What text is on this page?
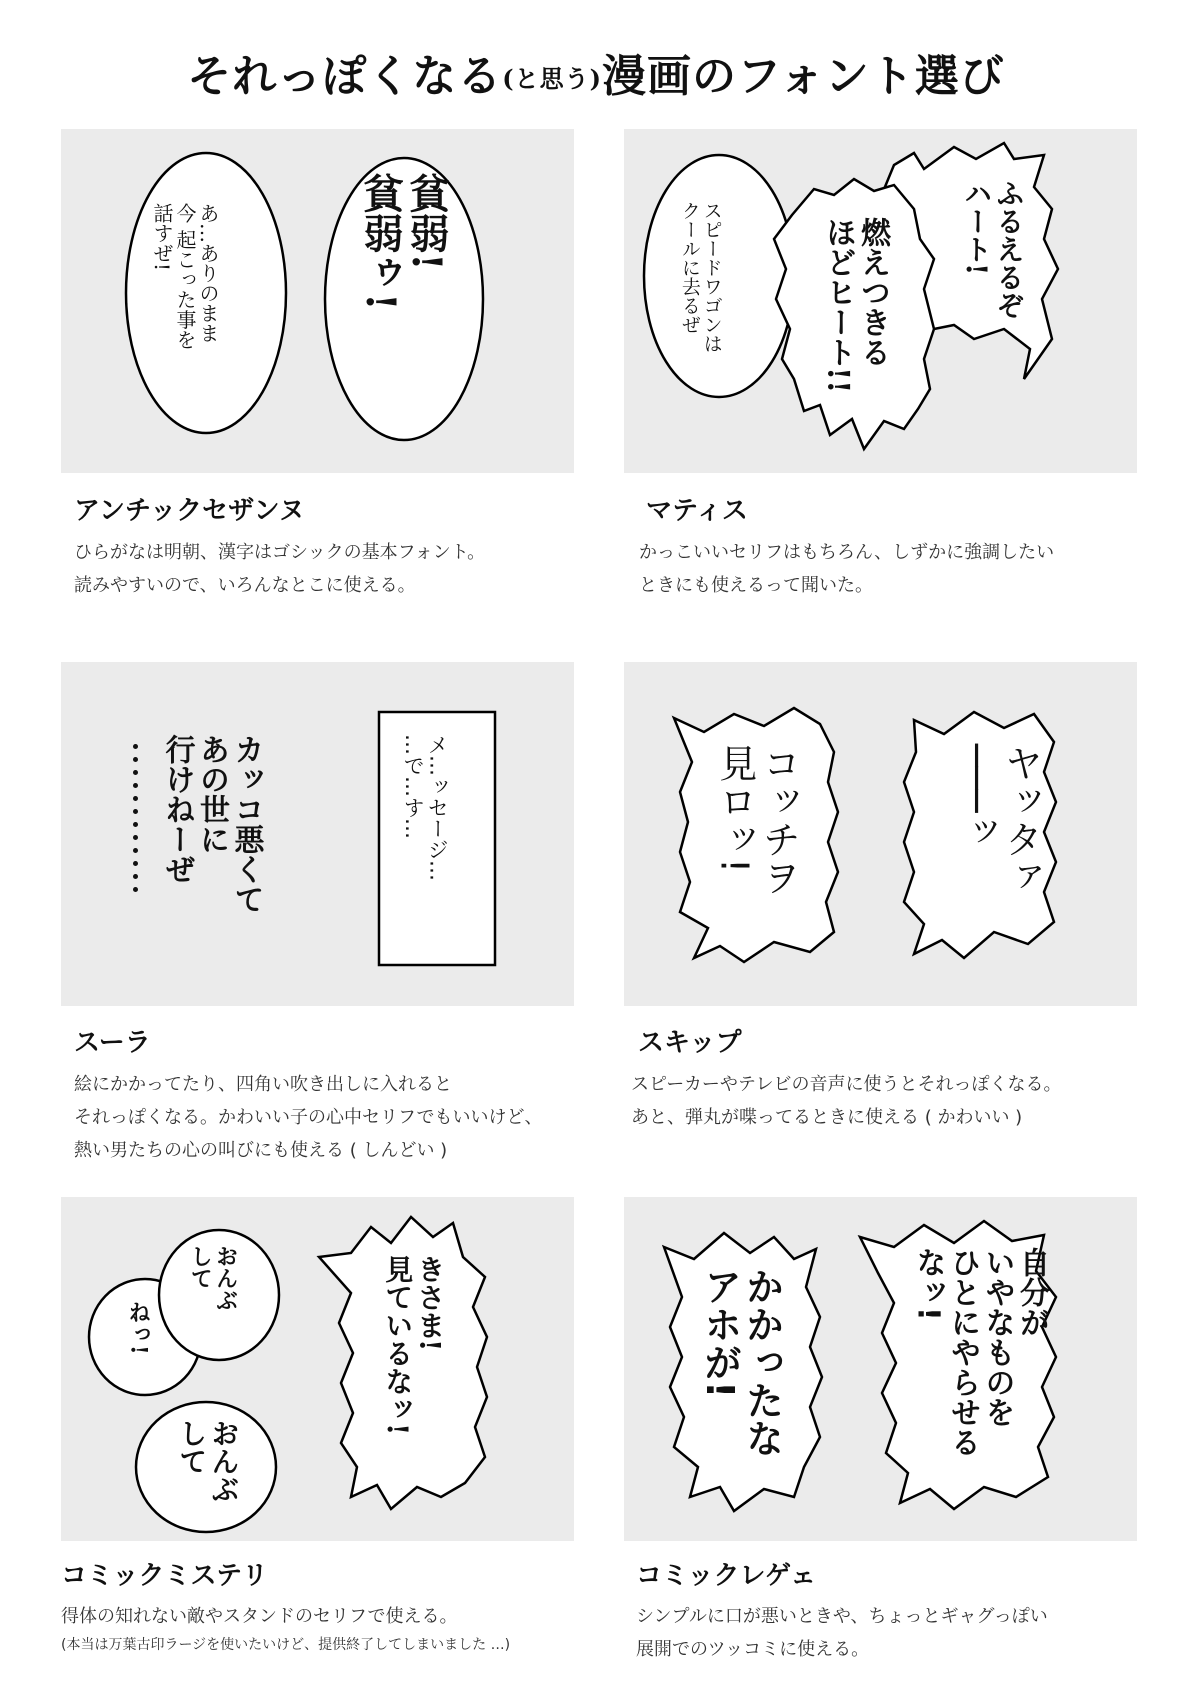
それっぽくなる(と思う)漫画のフォント選び
あ…ありのまま
今 起こった事を
話すぜ!	貧弱!
貧弱ゥ!
アンチックセザンヌ
ひらがなは明朝、漢字はゴシックの基本フォント。
読みやすいので、いろんなとこに使える。
スピードワゴンは
クールに去るぜ	ふるえるぞ
ハート!
燃えつきる
ほどヒート!!
マティス
かっこいいセリフはもちろん、しずかに強調したい
ときにも使えるって聞いた。
メ…ッセージ…
…で…す…
カッコ悪くて
あの世に
行けねーぜ
スーラ
絵にかかってたり、四角い吹き出しに入れると
それっぽくなる。かわいい子の心中セリフでもいいけど、
熱い男たちの心の叫びにも使える ( しんどい )
コッチヲ
見ロッ!	ヤッタァ
───ッ
スキップ
スピーカーやテレビの音声に使うとそれっぽくなる。
あと、弾丸が喋ってるときに使える ( かわいい )
きさま!
見ているなッ!
おんぶ
して
ねっ!
おんぶ
して
コミックミステリ
得体の知れない敵やスタンドのセリフで使える。
(本当は万葉古印ラージを使いたいけど、提供終了してしまいました …)
かかったな
アホが!	自分が
いやなものを
ひとにやらせる
なッ!
コミックレゲェ
シンプルに口が悪いときや、ちょっとギャグっぽい
展開でのツッコミに使える。
